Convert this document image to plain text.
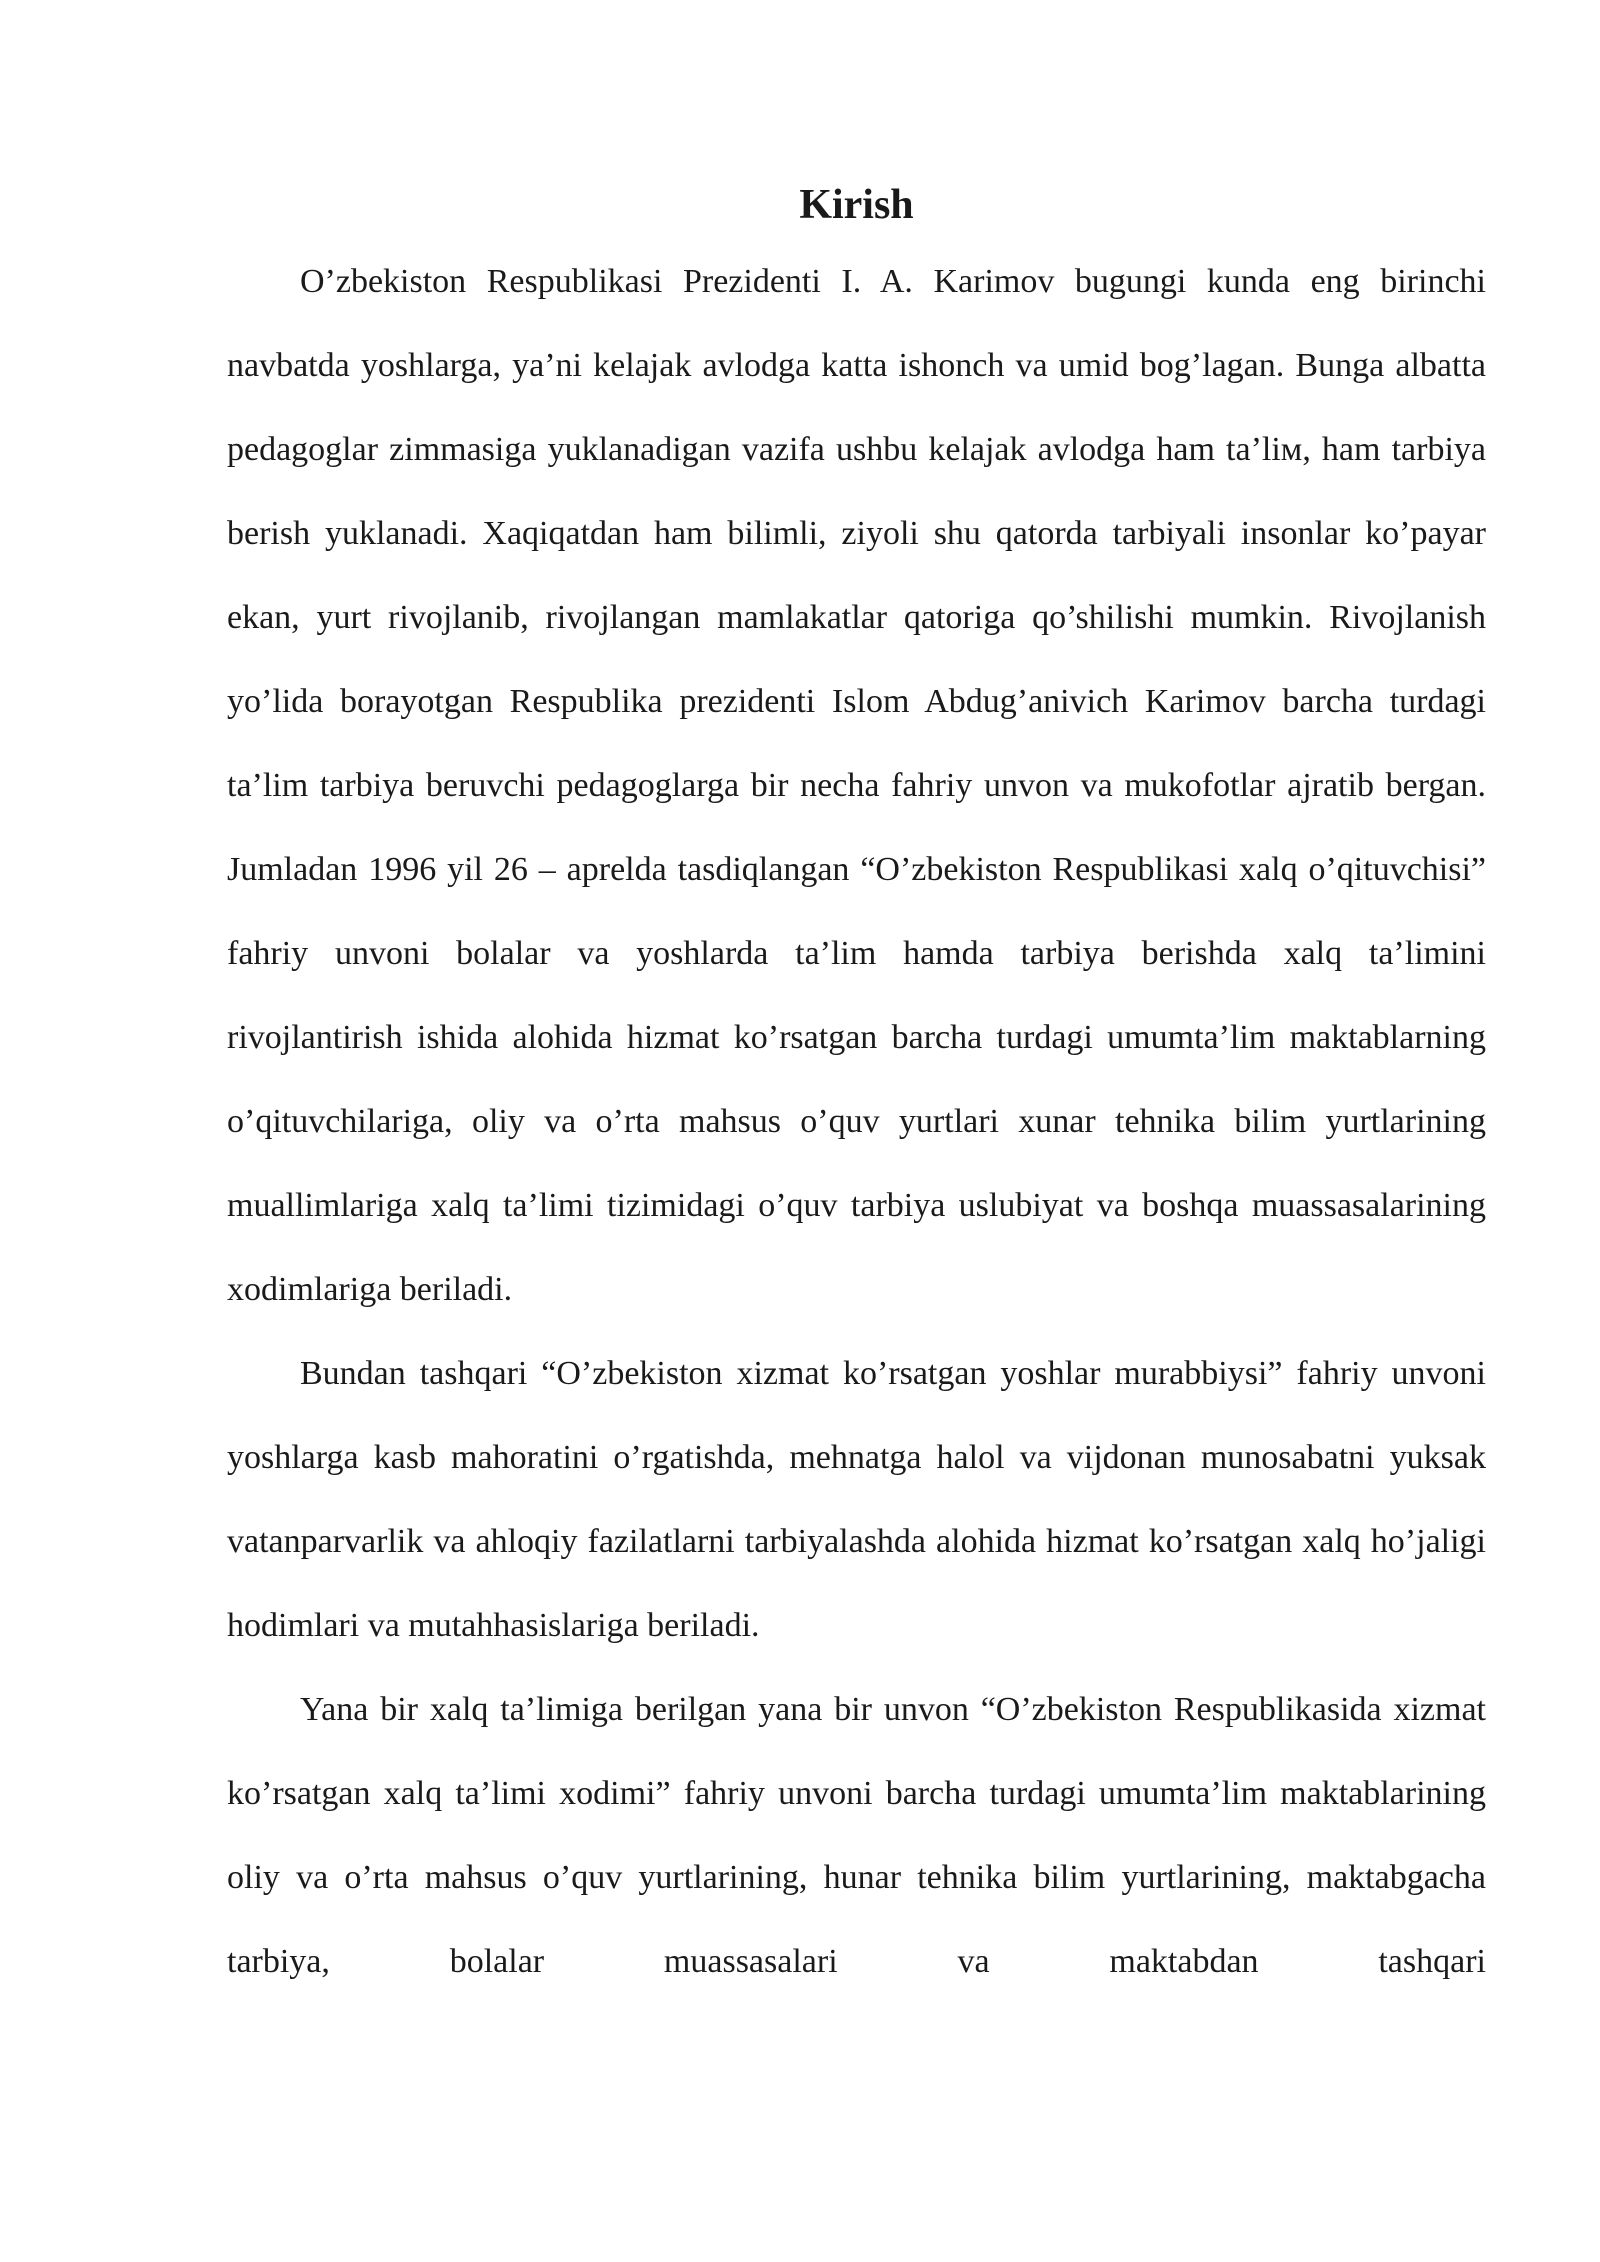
Kirish

O’zbekiston Respublikasi Prezidenti I. A. Karimov bugungi kunda eng birinchi navbatda yoshlarga, ya’ni kelajak avlodga katta ishonch va umid bog’lagan. Bunga albatta pedagoglar zimmasiga yuklanadigan vazifa ushbu kelajak avlodga ham ta’liм, ham tarbiya berish yuklanadi. Xaqiqatdan ham bilimli, ziyoli shu qatorda tarbiyali insonlar ko’payar ekan, yurt rivojlanib, rivojlangan mamlakatlar qatoriga qo’shilishi mumkin. Rivojlanish yo’lida borayotgan Respublika prezidenti Islom Abdug’anivich Karimov barcha turdagi ta’lim tarbiya beruvchi pedagoglarga bir necha fahriy unvon va mukofotlar ajratib bergan. Jumladan 1996 yil 26 – aprelda tasdiqlangan “O’zbekiston Respublikasi xalq o’qituvchisi” fahriy unvoni bolalar va yoshlarda ta’lim hamda tarbiya berishda xalq ta’limini rivojlantirish ishida alohida hizmat ko’rsatgan barcha turdagi umumta’lim maktablarning o’qituvchilariga, oliy va o’rta mahsus o’quv yurtlari xunar tehnika bilim yurtlarining muallimlariga xalq ta’limi tizimidagi o’quv tarbiya uslubiyat va boshqa muassasalarining xodimlariga beriladi.

Bundan tashqari “O’zbekiston xizmat ko’rsatgan yoshlar murabbiysi” fahriy unvoni yoshlarga kasb mahoratini o’rgatishda, mehnatga halol va vijdonan munosabatni yuksak vatanparvarlik va ahloqiy fazilatlarni tarbiyalashda alohida hizmat ko’rsatgan xalq ho’jaligi hodimlari va mutahhasislariga beriladi.

Yana bir xalq ta’limiga berilgan yana bir unvon “O’zbekiston Respublikasida xizmat ko’rsatgan xalq ta’limi xodimi” fahriy unvoni barcha turdagi umumta’lim maktablarining oliy va o’rta mahsus o’quv yurtlarining, hunar tehnika bilim yurtlarining, maktabgacha tarbiya, bolalar muassasalari va maktabdan tashqari
